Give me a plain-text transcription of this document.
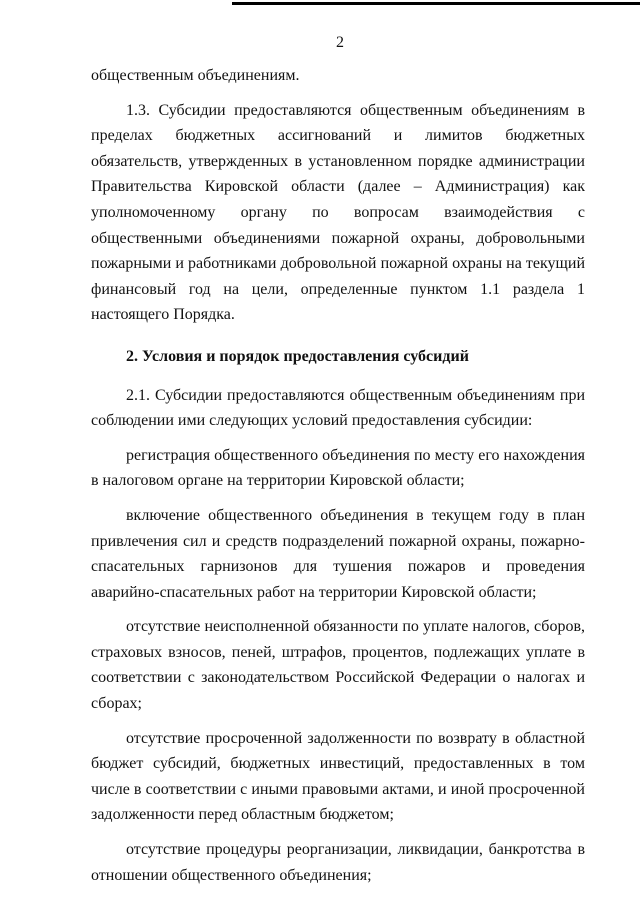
2

общественным объединениям.

1.3. Субсидии предоставляются общественным объединениям в пределах бюджетных ассигнований и лимитов бюджетных обязательств, утвержденных в установленном порядке администрации Правительства Кировской области (далее – Администрация) как уполномоченному органу по вопросам взаимодействия с общественными объединениями пожарной охраны, добровольными пожарными и работниками добровольной пожарной охраны на текущий финансовый год на цели, определенные пунктом 1.1 раздела 1 настоящего Порядка.

2. Условия и порядок предоставления субсидий

2.1. Субсидии предоставляются общественным объединениям при соблюдении ими следующих условий предоставления субсидии:

регистрация общественного объединения по месту его нахождения в налоговом органе на территории Кировской области;

включение общественного объединения в текущем году в план привлечения сил и средств подразделений пожарной охраны, пожарно-спасательных гарнизонов для тушения пожаров и проведения аварийно-спасательных работ на территории Кировской области;

отсутствие неисполненной обязанности по уплате налогов, сборов, страховых взносов, пеней, штрафов, процентов, подлежащих уплате в соответствии с законодательством Российской Федерации о налогах и сборах;

отсутствие просроченной задолженности по возврату в областной бюджет субсидий, бюджетных инвестиций, предоставленных в том числе в соответствии с иными правовыми актами, и иной просроченной задолженности перед областным бюджетом;

отсутствие процедуры реорганизации, ликвидации, банкротства в отношении общественного объединения;
